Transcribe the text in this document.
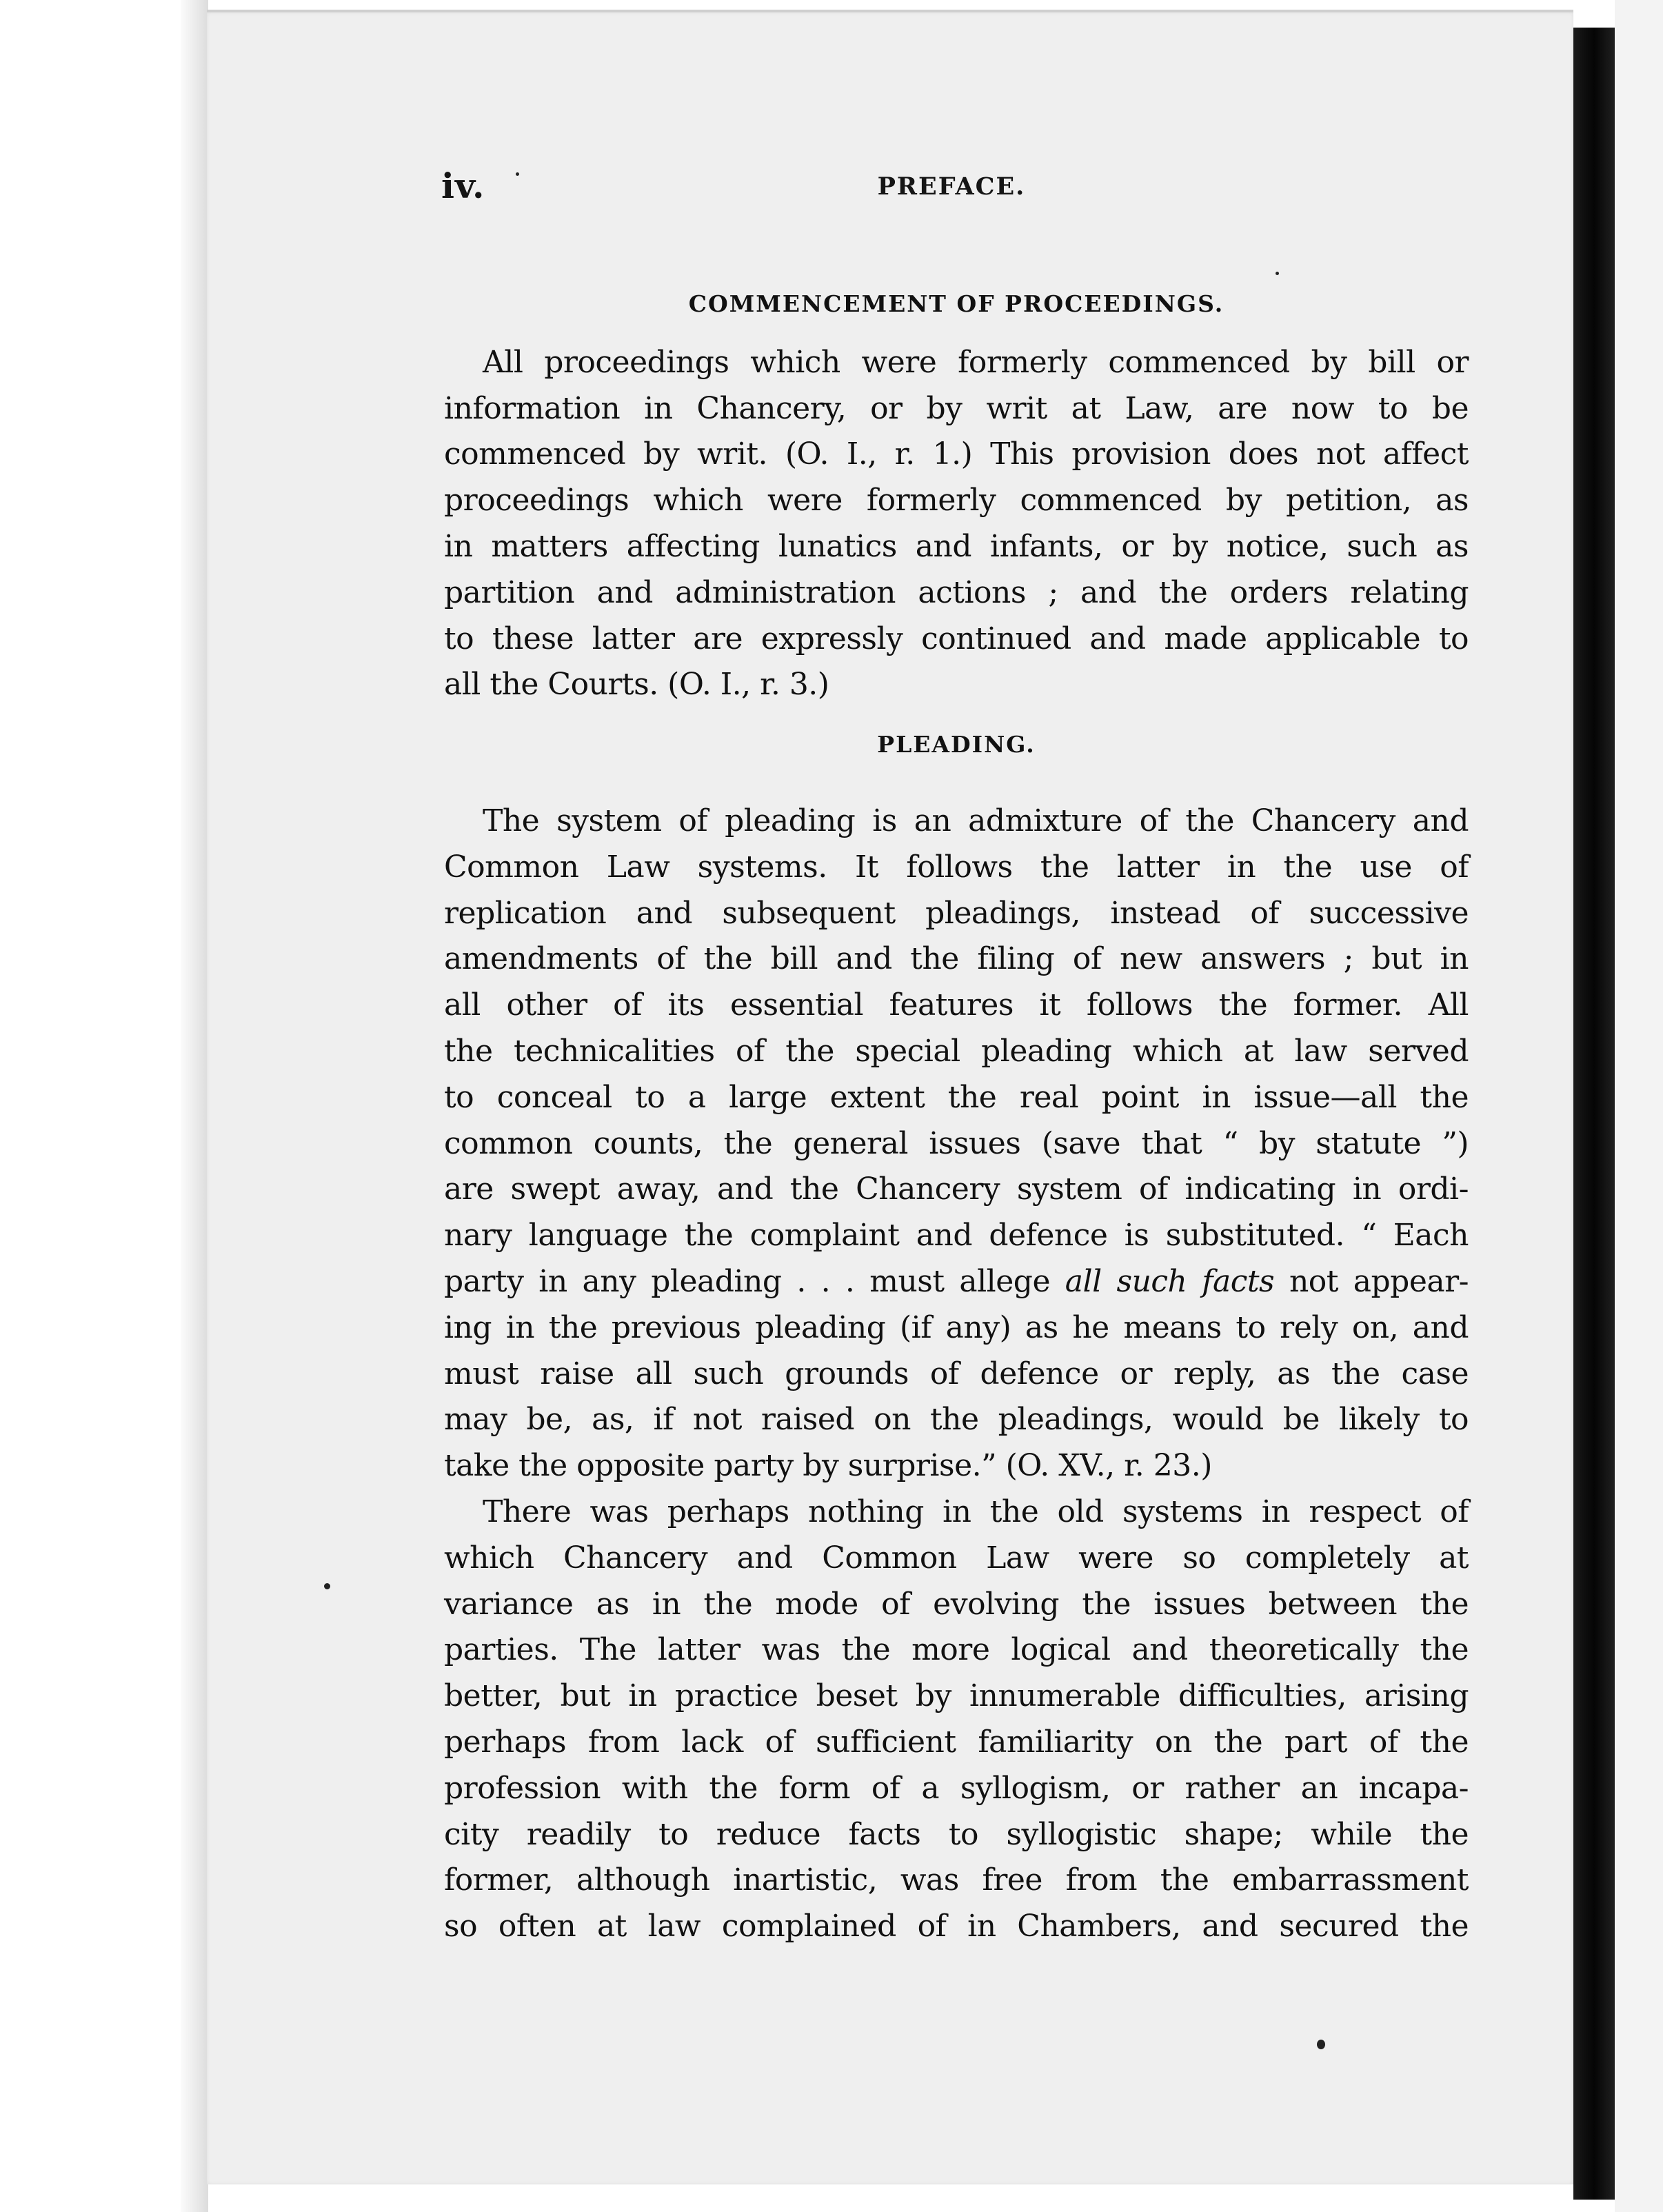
iv.	PREFACE.
COMMENCEMENT OF PROCEEDINGS.
All proceedings which were formerly commenced by bill or
information in Chancery, or by writ at Law, are now to be
commenced by writ. (O. I., r. 1.) This provision does not affect
proceedings which were formerly commenced by petition, as
in matters affecting lunatics and infants, or by notice, such as
partition and administration actions ; and the orders relating
to these latter are expressly continued and made applicable to
all the Courts. (O. I., r. 3.)
PLEADING.
The system of pleading is an admixture of the Chancery and
Common Law systems. It follows the latter in the use of
replication and subsequent pleadings, instead of successive
amendments of the bill and the filing of new answers ; but in
all other of its essential features it follows the former. All
the technicalities of the special pleading which at law served
to conceal to a large extent the real point in issue—all the
common counts, the general issues (save that “ by statute ”)
are swept away, and the Chancery system of indicating in ordi-
nary language the complaint and defence is substituted. “ Each
party in any pleading . . . must allege all such facts not appear-
ing in the previous pleading (if any) as he means to rely on, and
must raise all such grounds of defence or reply, as the case
may be, as, if not raised on the pleadings, would be likely to
take the opposite party by surprise.” (O. XV., r. 23.)
There was perhaps nothing in the old systems in respect of
which Chancery and Common Law were so completely at
variance as in the mode of evolving the issues between the
parties. The latter was the more logical and theoretically the
better, but in practice beset by innumerable difficulties, arising
perhaps from lack of sufficient familiarity on the part of the
profession with the form of a syllogism, or rather an incapa-
city readily to reduce facts to syllogistic shape; while the
former, although inartistic, was free from the embarrassment
so often at law complained of in Chambers, and secured the
